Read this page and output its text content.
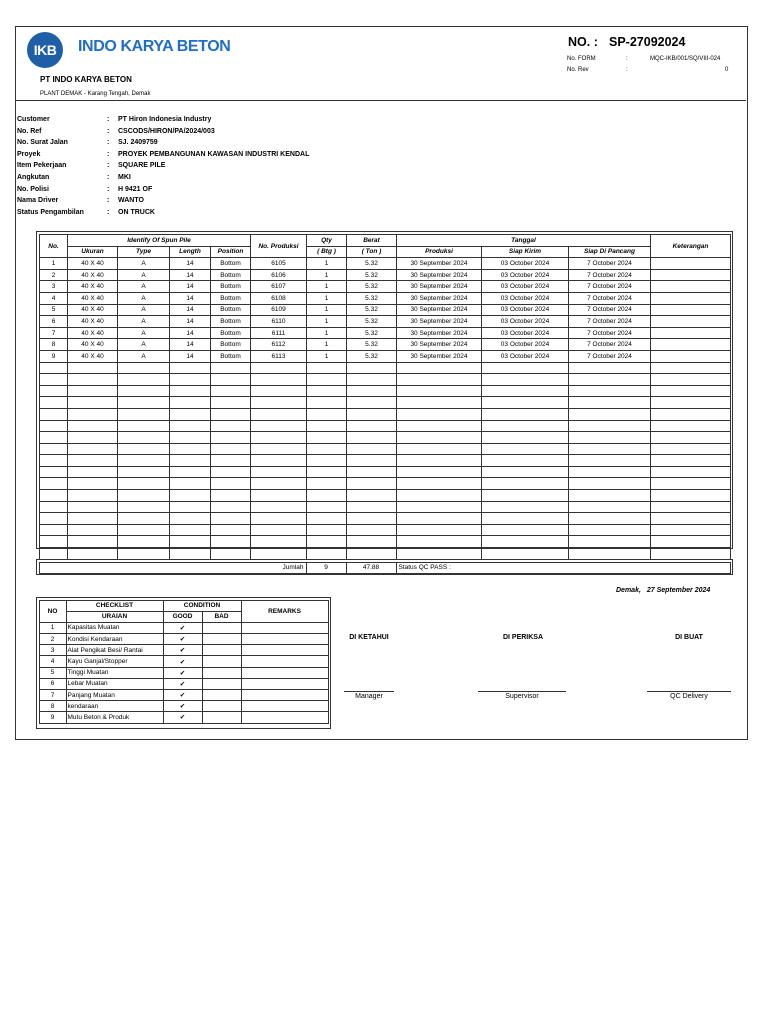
IKB	INDO KARYA BETON
PT INDO KARYA BETON
PLANT DEMAK - Karang Tengah, Demak
NO. : SP-27092024
No. FORM	:	MQC-IKB/001/SQ/VIII-024
No. Rev	:	0
Customer	: PT Hiron Indonesia Industry
No. Ref	: CSCODS/HIRON/PA/2024/003
No. Surat Jalan	: SJ. 2409759
Proyek	: PROYEK PEMBANGUNAN KAWASAN INDUSTRI KENDAL
Item Pekerjaan	: SQUARE PILE
Angkutan	: MKI
No. Polisi	: H 9421 OF
Nama Driver	: WANTO
Status Pengambilan	: ON TRUCK
No.	Identify Of Spun Pile				No. Produksi	Qty	Berat	Tanggal			Keterangan
	Ukuran	Type	Length	Position		( Btg )	( Ton )	Produksi	Siap Kirim	Siap Di Pancang	
1	40 X 40	A	14	Bottom	6105	1	5.32	30 September 2024	03 October 2024	7 October 2024	
2	40 X 40	A	14	Bottom	6106	1	5.32	30 September 2024	03 October 2024	7 October 2024	
3	40 X 40	A	14	Bottom	6107	1	5.32	30 September 2024	03 October 2024	7 October 2024	
4	40 X 40	A	14	Bottom	6108	1	5.32	30 September 2024	03 October 2024	7 October 2024	
5	40 X 40	A	14	Bottom	6109	1	5.32	30 September 2024	03 October 2024	7 October 2024	
6	40 X 40	A	14	Bottom	6110	1	5.32	30 September 2024	03 October 2024	7 October 2024	
7	40 X 40	A	14	Bottom	6111	1	5.32	30 September 2024	03 October 2024	7 October 2024	
8	40 X 40	A	14	Bottom	6112	1	5.32	30 September 2024	03 October 2024	7 October 2024	
9	40 X 40	A	14	Bottom	6113	1	5.32	30 September 2024	03 October 2024	7 October 2024	

Jumlah	9	47.88	Status QC PASS :
Demak, 27 September 2024
NO	CHECKLIST	CONDITION		REMARKS
	URAIAN	GOOD	BAD	
1	Kapasitas Muatan	✔		
2	Kondisi Kendaraan	✔		
3	Alat Pengikat Besi/ Rantai	✔		
4	Kayu Ganjal/Stopper	✔		
5	Tinggi Muatan	✔		
6	Lebar Muatan	✔		
7	Panjang Muatan	✔		
8	kendaraan	✔		
9	Mutu Beton & Produk	✔		
DI KETAHUI	DI PERIKSA	DI BUAT
Manager	Supervisor	QC Delivery
